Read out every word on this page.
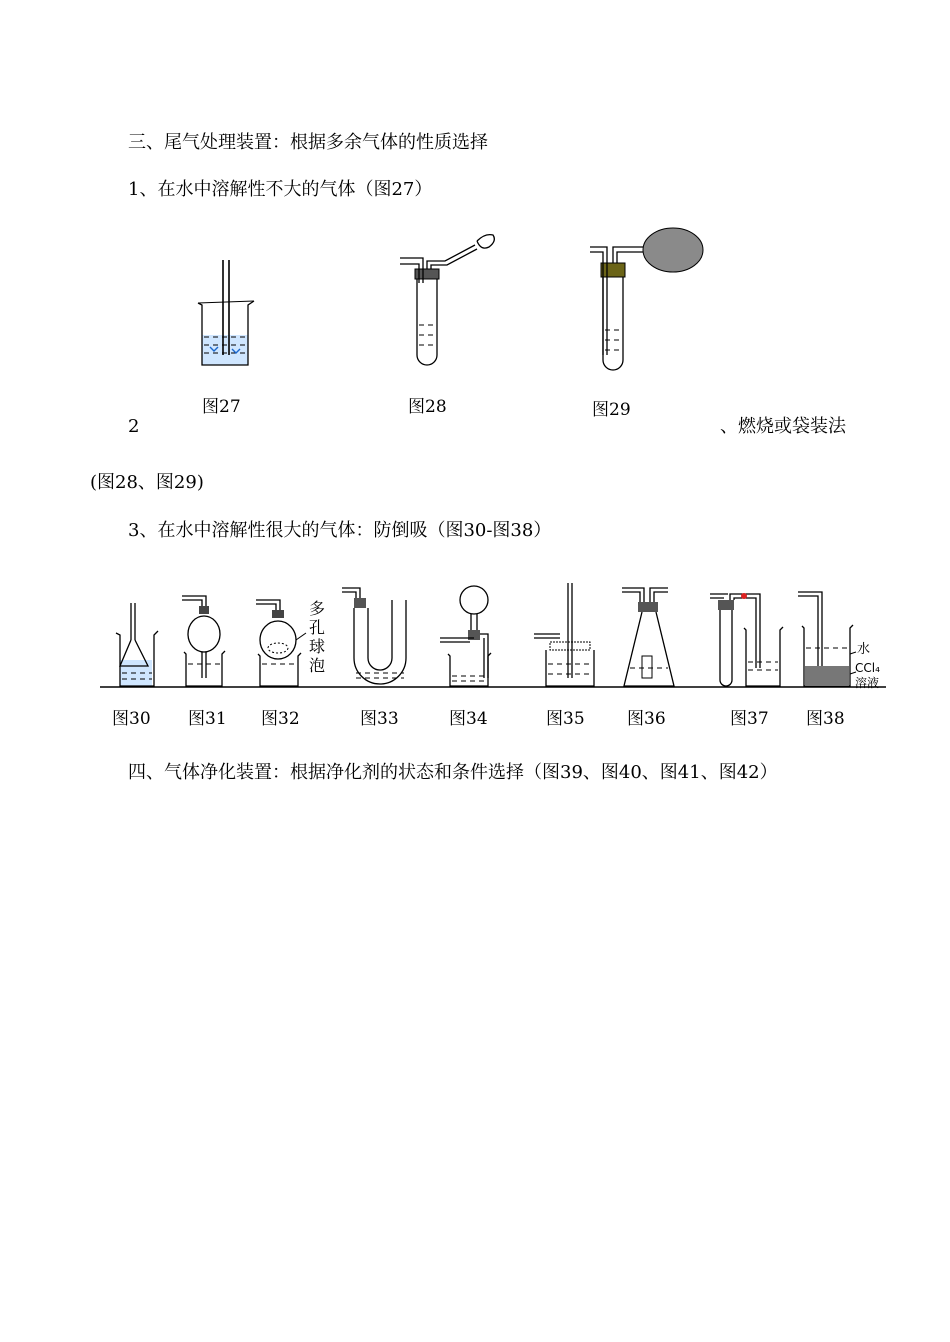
三、尾气处理装置：根据多余气体的性质选择
1、在水中溶解性不大的气体（图27）
图27	图28	图29
2	、燃烧或袋装法
(图28、图29)
3、在水中溶解性很大的气体：防倒吸（图30-图38）
多
孔
球
泡
水
CCl₄
溶液
图30 图31 图32	图33	图34	图35 图36	图37 图38
四、气体净化装置：根据净化剂的状态和条件选择（图39、图40、图41、图42）
